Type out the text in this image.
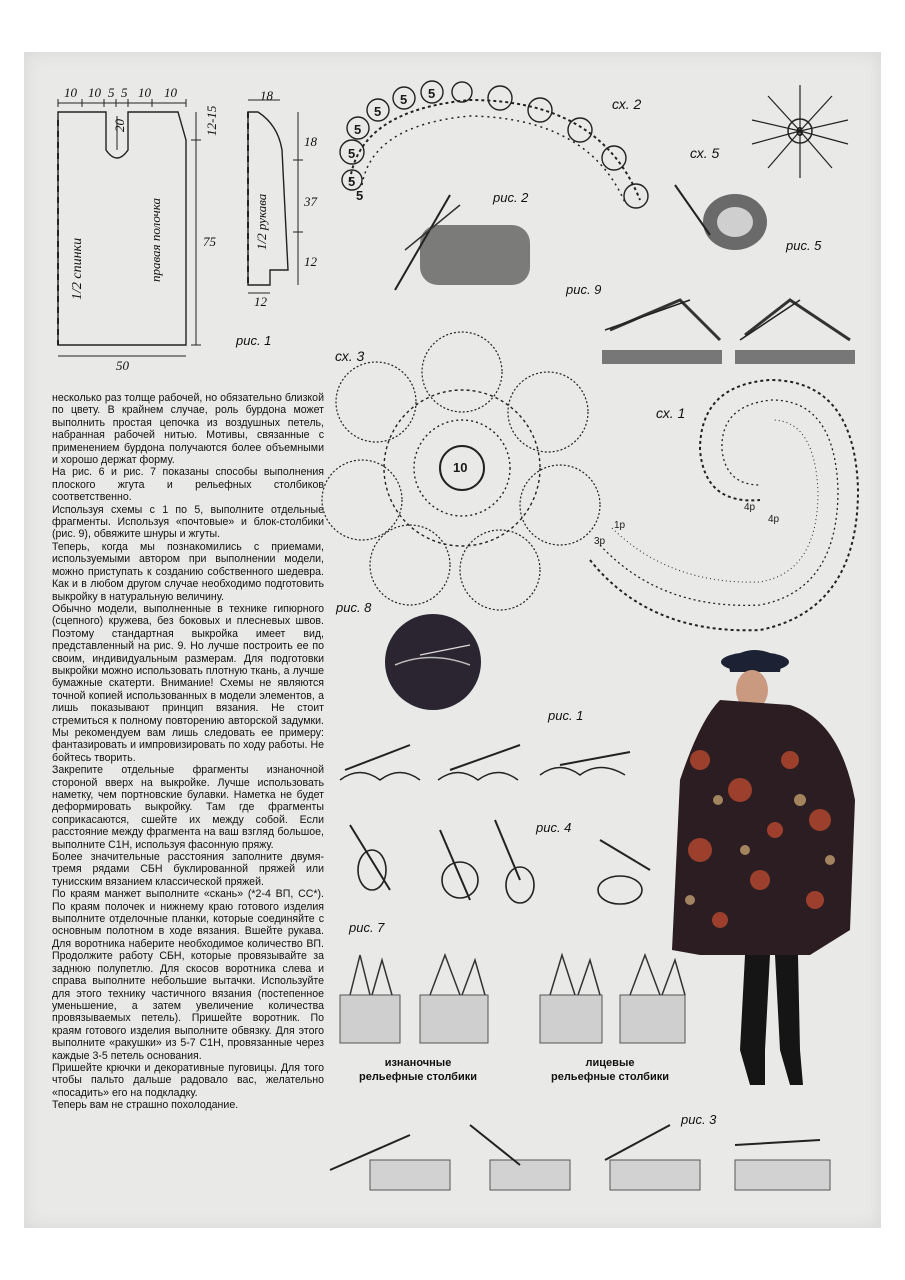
10 10 5 5 10 10
20	12-15
75
50
1/2 спинки	правая полочка
18
1/2 рукава
18
37
12
12
рис. 1
5
5
5
5 5
5
5
сх. 2
6
сх. 5
рис. 2
рис. 5
рис. 9
10
сх. 3
1р
3р
4р
4р
сх. 1
рис. 8
рис. 1
рис. 4
рис. 7
изнаночные
рельефные столбики
лицевые
рельефные столбики
рис. 3

несколько раз толще рабочей, но обязательно близкой по цвету. В крайнем случае, роль бурдона может выполнить простая цепочка из воздушных петель, набранная рабочей нитью. Мотивы, связанные с применением бурдона получаются более объемными и хорошо держат форму.

На рис. 6 и рис. 7 показаны способы выполнения плоского жгута и рельефных столбиков соответственно.

Используя схемы с 1 по 5, выполните отдельные фрагменты. Используя «почтовые» и блок-столбики (рис. 9), обвяжите шнуры и жгуты.

Теперь, когда мы познакомились с приемами, используемыми автором при выполнении модели, можно приступать к созданию собственного шедевра. Как и в любом другом случае необходимо подготовить выкройку в натуральную величину.

Обычно модели, выполненные в технике гипюрного (сцепного) кружева, без боковых и плесневых швов. Поэтому стандартная выкройка имеет вид, представленный на рис. 9. Но лучше построить ее по своим, индивидуальным размерам. Для подготовки выкройки можно использовать плотную ткань, а лучше бумажные скатерти. Внимание! Схемы не являются точной копией использованных в модели элементов, а лишь показывают принцип вязания. Не стоит стремиться к полному повторению авторской задумки. Мы рекомендуем вам лишь следовать ее примеру: фантазировать и импровизировать по ходу работы. Не бойтесь творить.

Закрепите отдельные фрагменты изнаночной стороной вверх на выкройке. Лучше использовать наметку, чем портновские булавки. Наметка не будет деформировать выкройку. Там где фрагменты соприкасаются, сшейте их между собой. Если расстояние между фрагмента на ваш взгляд большое, выполните С1Н, используя фасонную пряжу.

Более значительные расстояния заполните двумя-тремя рядами СБН буклированной пряжей или тунисским вязанием классической пряжей.

По краям манжет выполните «скань» (*2-4 ВП, СС*). По краям полочек и нижнему краю готового изделия выполните отделочные планки, которые соединяйте с основным полотном в ходе вязания. Вшейте рукава. Для воротника наберите необходимое количество ВП. Продолжите работу СБН, которые провязывайте за заднюю полупетлю. Для скосов воротника слева и справа выполните небольшие вытачки. Используйте для этого технику частичного вязания (постепенное уменьшение, а затем увеличение количества провязываемых петель). Пришейте воротник. По краям готового изделия выполните обвязку. Для этого выполните «ракушки» из 5-7 С1Н, провязанные через каждые 3-5 петель основания.

Пришейте крючки и декоративные пуговицы. Для того чтобы пальто дальше радовало вас, желательно «посадить» его на подкладку.

Теперь вам не страшно похолодание.
